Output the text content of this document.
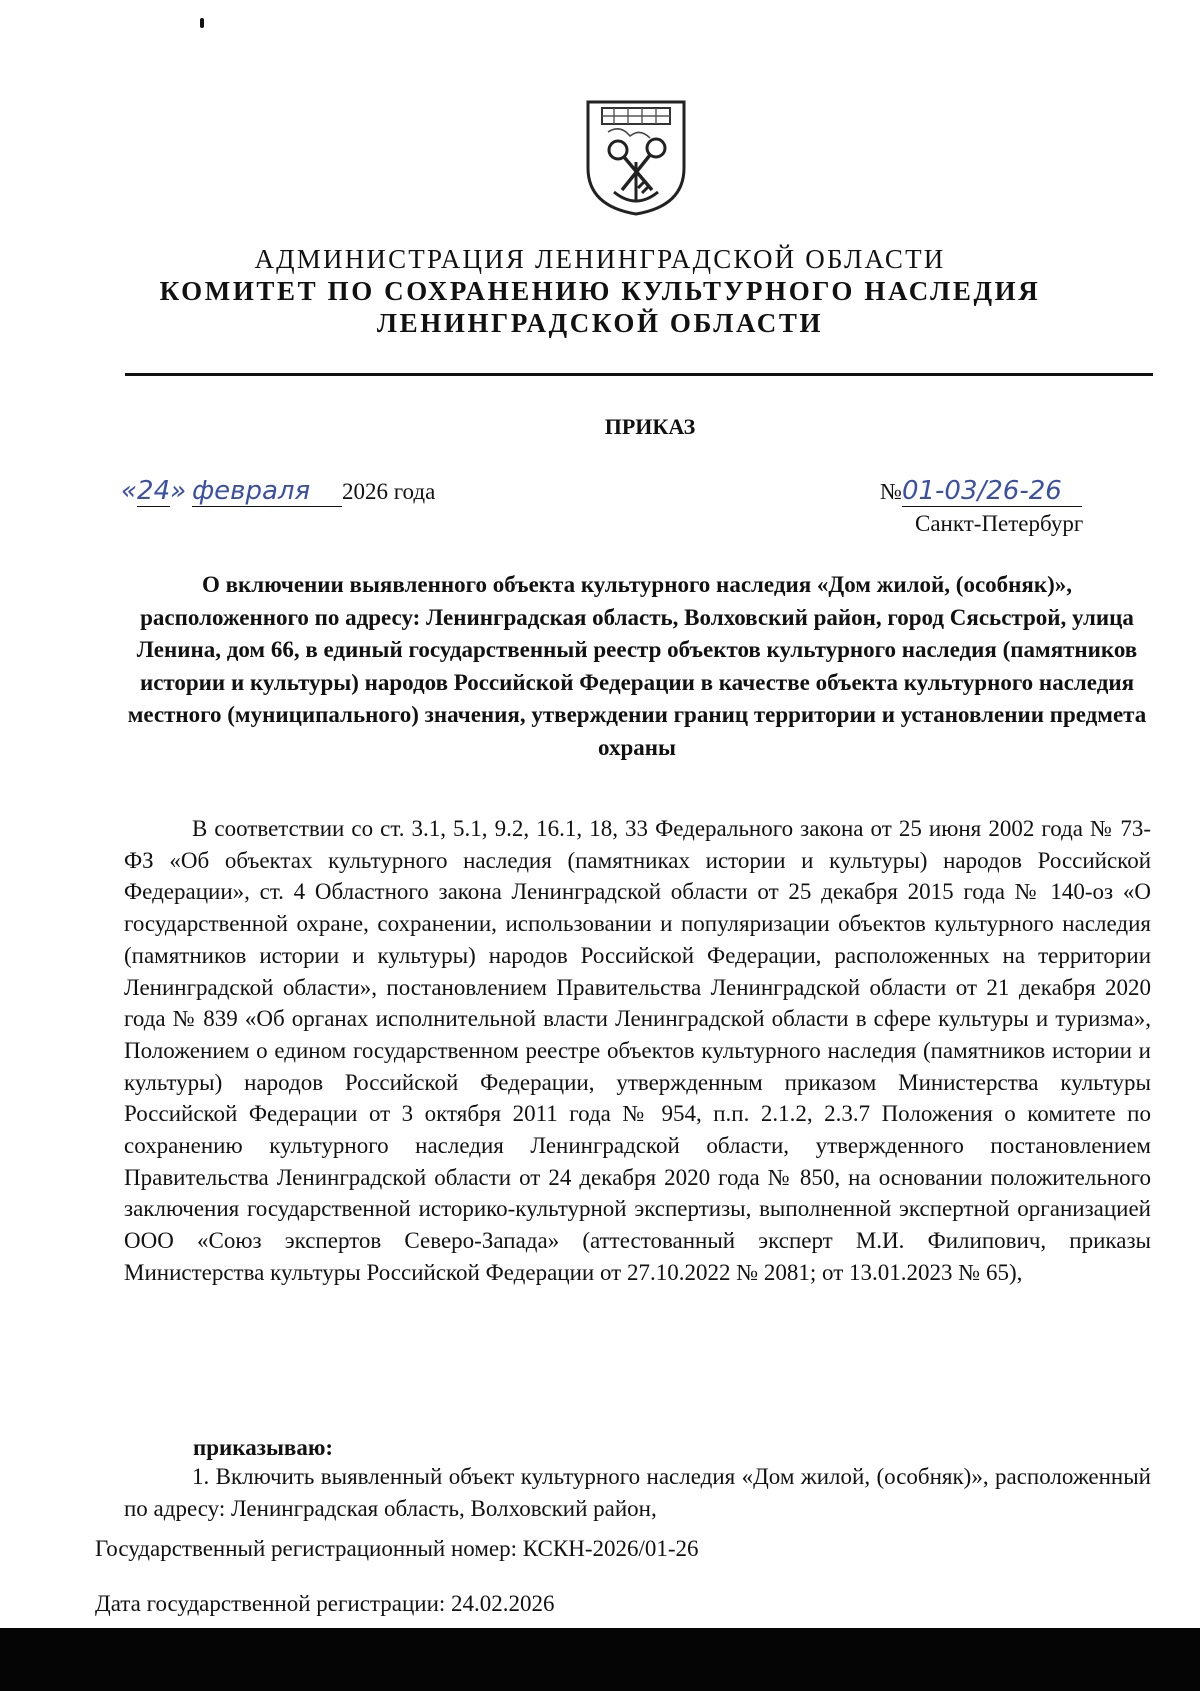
АДМИНИСТРАЦИЯ ЛЕНИНГРАДСКОЙ ОБЛАСТИ
КОМИТЕТ ПО СОХРАНЕНИЮ КУЛЬТУРНОГО НАСЛЕДИЯ
ЛЕНИНГРАДСКОЙ ОБЛАСТИ
ПРИКАЗ
«24» февраля 2026 года	№01-03/26-26
Санкт-Петербург
О включении выявленного объекта культурного наследия «Дом жилой, (особняк)», расположенного по адресу: Ленинградская область, Волховский район, город Сясьстрой, улица Ленина, дом 66, в единый государственный реестр объектов культурного наследия (памятников истории и культуры) народов Российской Федерации в качестве объекта культурного наследия местного (муниципального) значения, утверждении границ территории и установлении предмета охраны
В соответствии со ст. 3.1, 5.1, 9.2, 16.1, 18, 33 Федерального закона от 25 июня 2002 года № 73-ФЗ «Об объектах культурного наследия (памятниках истории и культуры) народов Российской Федерации», ст. 4 Областного закона Ленинградской области от 25 декабря 2015 года № 140-оз «О государственной охране, сохранении, использовании и популяризации объектов культурного наследия (памятников истории и культуры) народов Российской Федерации, расположенных на территории Ленинградской области», постановлением Правительства Ленинградской области от 21 декабря 2020 года № 839 «Об органах исполнительной власти Ленинградской области в сфере культуры и туризма», Положением о едином государственном реестре объектов культурного наследия (памятников истории и культуры) народов Российской Федерации, утвержденным приказом Министерства культуры Российской Федерации от 3 октября 2011 года № 954, п.п. 2.1.2, 2.3.7 Положения о комитете по сохранению культурного наследия Ленинградской области, утвержденного постановлением Правительства Ленинградской области от 24 декабря 2020 года № 850, на основании положительного заключения государственной историко-культурной экспертизы, выполненной экспертной организацией ООО «Союз экспертов Северо-Запада» (аттестованный эксперт М.И. Филипович, приказы Министерства культуры Российской Федерации от 27.10.2022 № 2081; от 13.01.2023 № 65),
приказываю:
1. Включить выявленный объект культурного наследия «Дом жилой, (особняк)», расположенный по адресу: Ленинградская область, Волховский район,
Государственный регистрационный номер: КСКН-2026/01-26
Дата государственной регистрации: 24.02.2026
